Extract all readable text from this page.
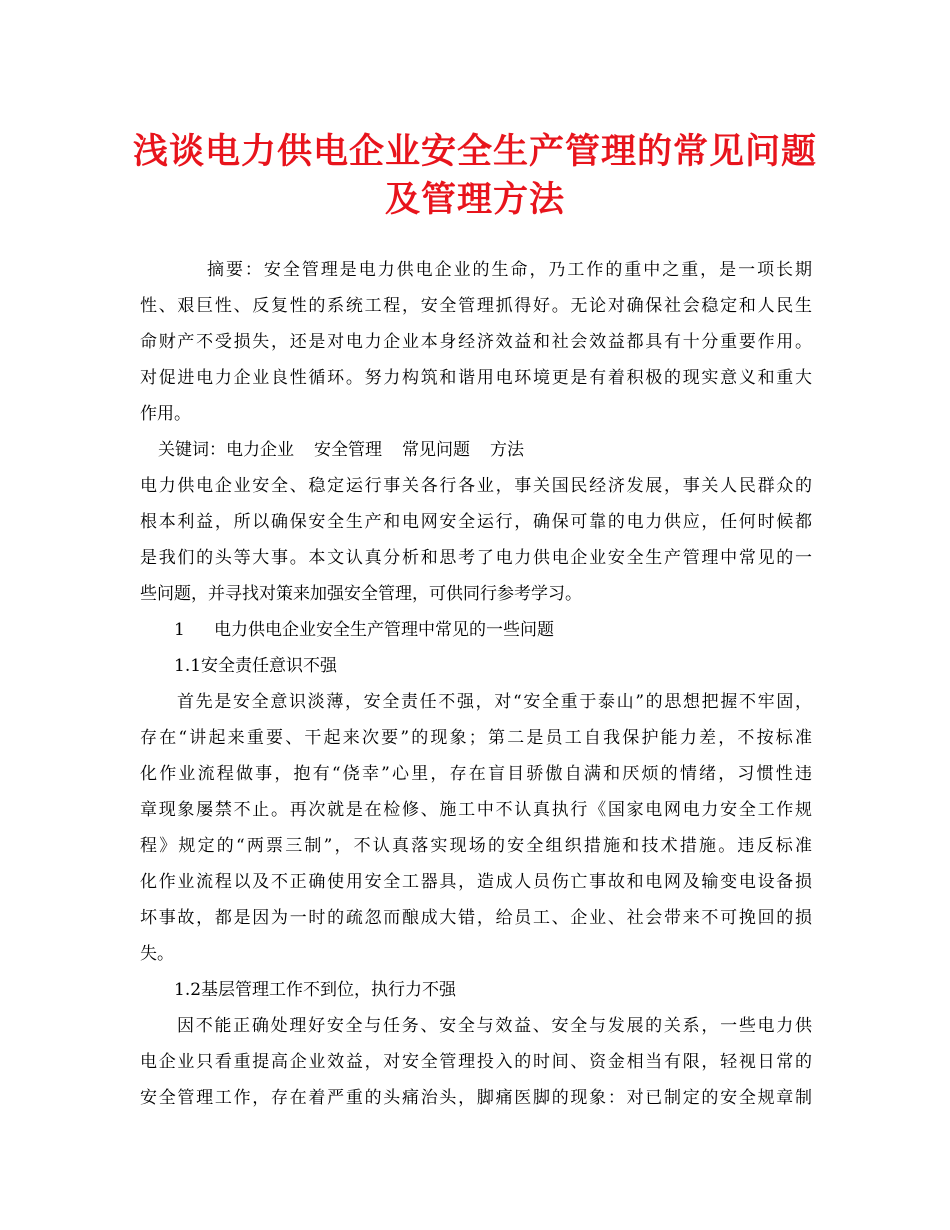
浅谈电力供电企业安全生产管理的常见问题
及管理方法
摘要：安全管理是电力供电企业的生命，乃工作的重中之重，是一项长期
性、艰巨性、反复性的系统工程，安全管理抓得好。无论对确保社会稳定和人民生
命财产不受损失，还是对电力企业本身经济效益和社会效益都具有十分重要作用。
对促进电力企业良性循环。努力构筑和谐用电环境更是有着积极的现实意义和重大
作用。
关键词：电力企业 安全管理 常见问题 方法
电力供电企业安全、稳定运行事关各行各业，事关国民经济发展，事关人民群众的
根本利益，所以确保安全生产和电网安全运行，确保可靠的电力供应，任何时候都
是我们的头等大事。本文认真分析和思考了电力供电企业安全生产管理中常见的一
些问题，并寻找对策来加强安全管理，可供同行参考学习。
1 电力供电企业安全生产管理中常见的一些问题
1.1安全责任意识不强
首先是安全意识淡薄，安全责任不强，对“安全重于泰山”的思想把握不牢固，
存在“讲起来重要、干起来次要”的现象；第二是员工自我保护能力差，不按标准
化作业流程做事，抱有“侥幸”心里，存在盲目骄傲自满和厌烦的情绪，习惯性违
章现象屡禁不止。再次就是在检修、施工中不认真执行《国家电网电力安全工作规
程》规定的“两票三制”，不认真落实现场的安全组织措施和技术措施。违反标准
化作业流程以及不正确使用安全工器具，造成人员伤亡事故和电网及输变电设备损
坏事故，都是因为一时的疏忽而酿成大错，给员工、企业、社会带来不可挽回的损
失。
1.2基层管理工作不到位，执行力不强
因不能正确处理好安全与任务、安全与效益、安全与发展的关系，一些电力供
电企业只看重提高企业效益，对安全管理投入的时间、资金相当有限，轻视日常的
安全管理工作，存在着严重的头痛治头，脚痛医脚的现象：对已制定的安全规章制
